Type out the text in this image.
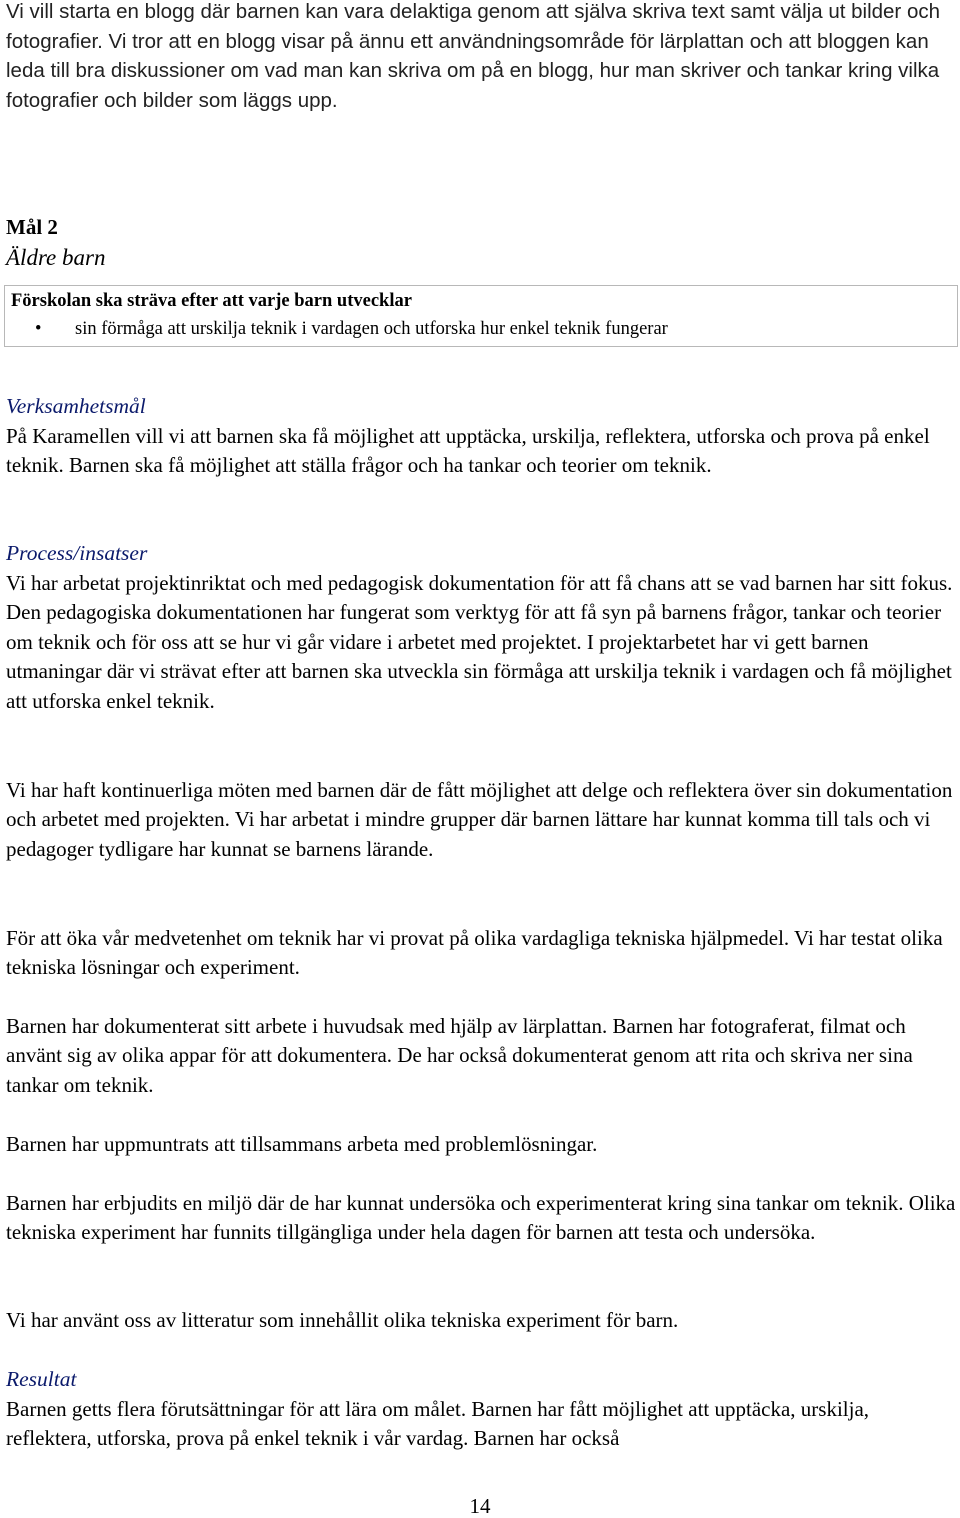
Vi vill starta en blogg där barnen kan vara delaktiga genom att själva skriva text samt välja ut bilder och fotografier. Vi tror att en blogg visar på ännu ett användningsområde för lärplattan och att bloggen kan leda till bra diskussioner om vad man kan skriva om på en blogg, hur man skriver och tankar kring vilka fotografier och bilder som läggs upp.

Mål 2

Äldre barn

Förskolan ska sträva efter att varje barn utvecklar

• sin förmåga att urskilja teknik i vardagen och utforska hur enkel teknik fungerar

Verksamhetsmål

På Karamellen vill vi att barnen ska få möjlighet att upptäcka, urskilja, reflektera, utforska och prova på enkel teknik. Barnen ska få möjlighet att ställa frågor och ha tankar och teorier om teknik.

Process/insatser

Vi har arbetat projektinriktat och med pedagogisk dokumentation för att få chans att se vad barnen har sitt fokus. Den pedagogiska dokumentationen har fungerat som verktyg för att få syn på barnens frågor, tankar och teorier om teknik och för oss att se hur vi går vidare i arbetet med projektet. I projektarbetet har vi gett barnen utmaningar där vi strävat efter att barnen ska utveckla sin förmåga att urskilja teknik i vardagen och få möjlighet att utforska enkel teknik.

Vi har haft kontinuerliga möten med barnen där de fått möjlighet att delge och reflektera över sin dokumentation och arbetet med projekten. Vi har arbetat i mindre grupper där barnen lättare har kunnat komma till tals och vi pedagoger tydligare har kunnat se barnens lärande.

För att öka vår medvetenhet om teknik har vi provat på olika vardagliga tekniska hjälpmedel. Vi har testat olika tekniska lösningar och experiment.

Barnen har dokumenterat sitt arbete i huvudsak med hjälp av lärplattan. Barnen har fotograferat, filmat och använt sig av olika appar för att dokumentera. De har också dokumenterat genom att rita och skriva ner sina tankar om teknik.

Barnen har uppmuntrats att tillsammans arbeta med problemlösningar.

Barnen har erbjudits en miljö där de har kunnat undersöka och experimenterat kring sina tankar om teknik. Olika tekniska experiment har funnits tillgängliga under hela dagen för barnen att testa och undersöka.

Vi har använt oss av litteratur som innehållit olika tekniska experiment för barn.

Resultat

Barnen getts flera förutsättningar för att lära om målet. Barnen har fått möjlighet att upptäcka, urskilja, reflektera, utforska, prova på enkel teknik i vår vardag. Barnen har också

14
